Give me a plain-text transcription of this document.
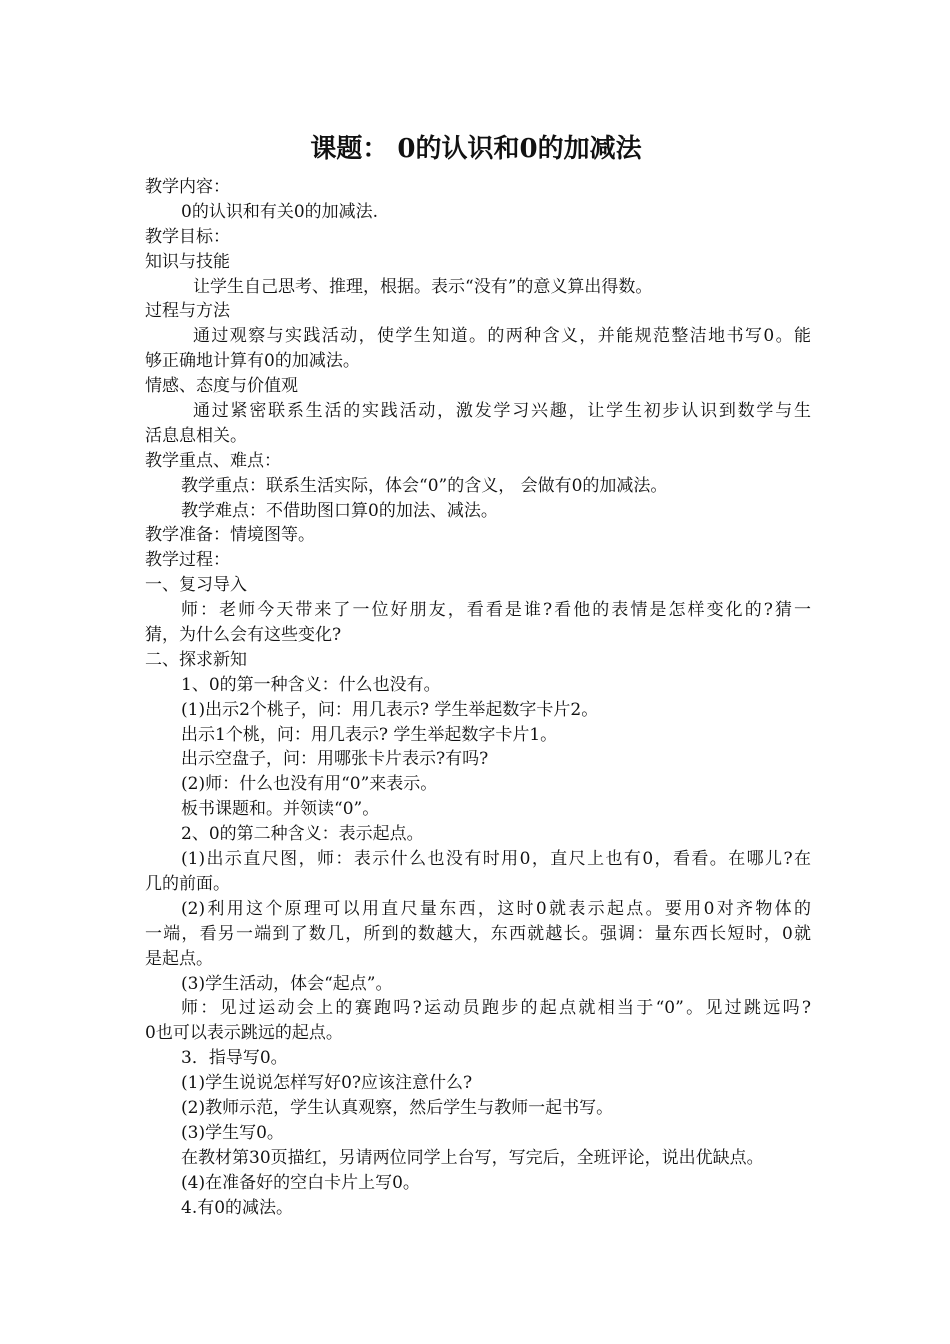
课题： 0的认识和0的加减法
教学内容：
0的认识和有关0的加减法.
教学目标：
知识与技能
让学生自己思考、推理，根据。表示“没有”的意义算出得数。
过程与方法
通过观察与实践活动，使学生知道。的两种含义，并能规范整洁地书写0。能
够正确地计算有0的加减法。
情感、态度与价值观
通过紧密联系生活的实践活动，激发学习兴趣，让学生初步认识到数学与生
活息息相关。
教学重点、难点：
教学重点：联系生活实际，体会“0”的含义， 会做有0的加减法。
教学难点：不借助图口算0的加法、减法。
教学准备：情境图等。
教学过程：
一、复习导入
师：老师今天带来了一位好朋友，看看是谁?看他的表情是怎样变化的?猜一
猜，为什么会有这些变化?
二、探求新知
1、0的第一种含义：什么也没有。
(1)出示2个桃子，问：用几表示? 学生举起数字卡片2。
出示1个桃，问：用几表示? 学生举起数字卡片1。
出示空盘子，问：用哪张卡片表示?有吗?
(2)师：什么也没有用“0”来表示。
板书课题和。并领读“0”。
2、0的第二种含义：表示起点。
(1)出示直尺图，师：表示什么也没有时用0，直尺上也有0，看看。在哪儿?在
几的前面。
(2)利用这个原理可以用直尺量东西，这时0就表示起点。要用0对齐物体的
一端，看另一端到了数几，所到的数越大，东西就越长。强调：量东西长短时，0就
是起点。
(3)学生活动，体会“起点”。
师：见过运动会上的赛跑吗?运动员跑步的起点就相当于“0”。见过跳远吗?
0也可以表示跳远的起点。
3．指导写0。
(1)学生说说怎样写好0?应该注意什么?
(2)教师示范，学生认真观察，然后学生与教师一起书写。
(3)学生写0。
在教材第30页描红，另请两位同学上台写，写完后，全班评论，说出优缺点。
(4)在准备好的空白卡片上写0。
4.有0的减法。
